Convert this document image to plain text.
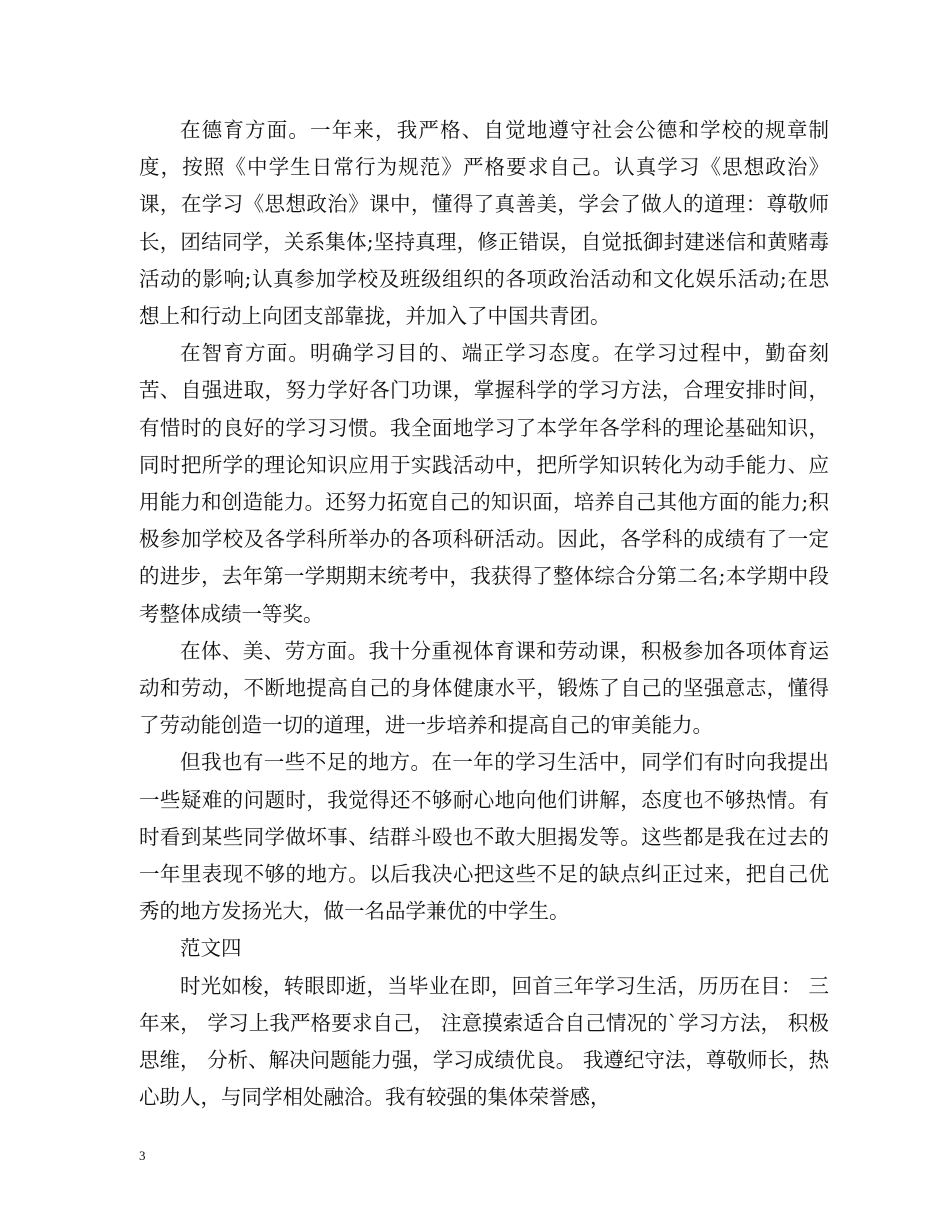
在德育方面。一年来，我严格、自觉地遵守社会公德和学校的规章制度，按照《中学生日常行为规范》严格要求自己。认真学习《思想政治》课，在学习《思想政治》课中，懂得了真善美，学会了做人的道理：尊敬师长，团结同学，关系集体;坚持真理，修正错误，自觉抵御封建迷信和黄赌毒活动的影响;认真参加学校及班级组织的各项政治活动和文化娱乐活动;在思想上和行动上向团支部靠拢，并加入了中国共青团。

在智育方面。明确学习目的、端正学习态度。在学习过程中，勤奋刻苦、自强进取，努力学好各门功课，掌握科学的学习方法，合理安排时间，有惜时的良好的学习习惯。我全面地学习了本学年各学科的理论基础知识，同时把所学的理论知识应用于实践活动中，把所学知识转化为动手能力、应用能力和创造能力。还努力拓宽自己的知识面，培养自己其他方面的能力;积极参加学校及各学科所举办的各项科研活动。因此，各学科的成绩有了一定的进步，去年第一学期期末统考中，我获得了整体综合分第二名;本学期中段考整体成绩一等奖。

在体、美、劳方面。我十分重视体育课和劳动课，积极参加各项体育运动和劳动，不断地提高自己的身体健康水平，锻炼了自己的坚强意志，懂得了劳动能创造一切的道理，进一步培养和提高自己的审美能力。

但我也有一些不足的地方。在一年的学习生活中，同学们有时向我提出一些疑难的问题时，我觉得还不够耐心地向他们讲解，态度也不够热情。有时看到某些同学做坏事、结群斗殴也不敢大胆揭发等。这些都是我在过去的一年里表现不够的地方。以后我决心把这些不足的缺点纠正过来，把自己优秀的地方发扬光大，做一名品学兼优的中学生。

范文四

时光如梭，转眼即逝，当毕业在即，回首三年学习生活，历历在目： 三年来， 学习上我严格要求自己， 注意摸索适合自己情况的`学习方法， 积极思维， 分析、解决问题能力强，学习成绩优良。 我遵纪守法，尊敬师长，热心助人，与同学相处融洽。我有较强的集体荣誉感，

3
